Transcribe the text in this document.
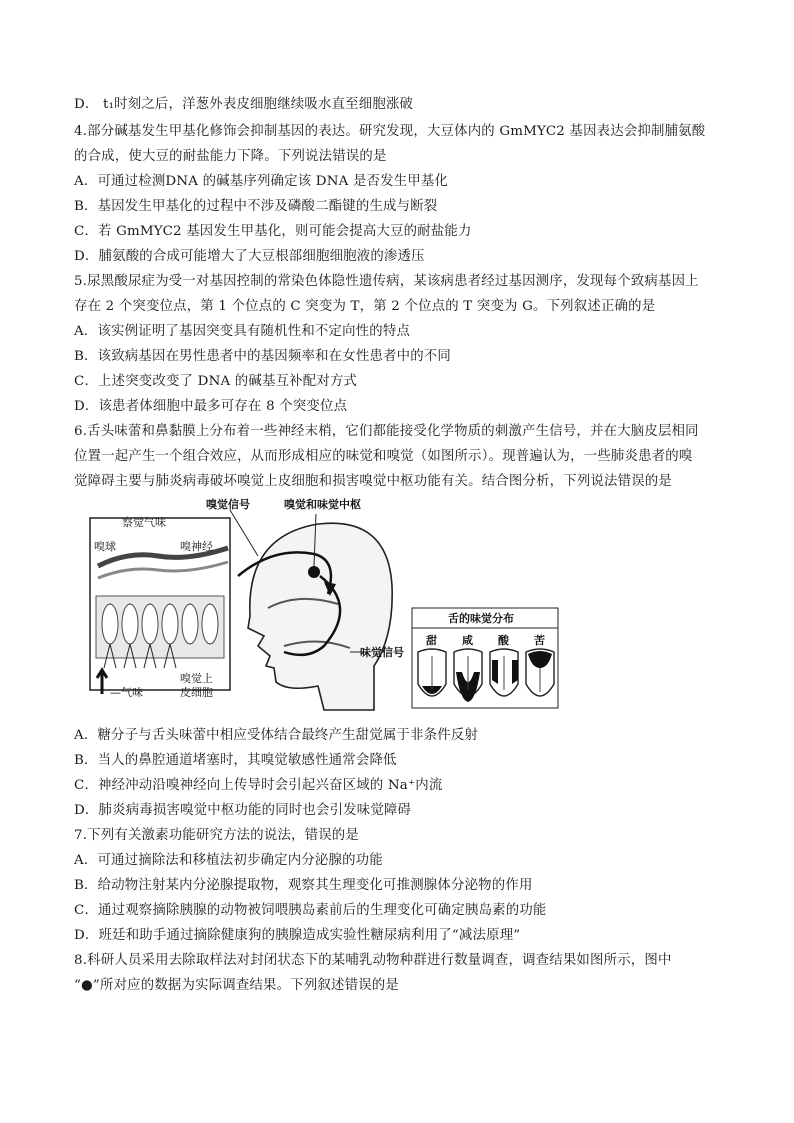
D． t₁时刻之后，洋葱外表皮细胞继续吸水直至细胞涨破
4.部分碱基发生甲基化修饰会抑制基因的表达。研究发现，大豆体内的 GmMYC2 基因表达会抑制脯氨酸
的合成，使大豆的耐盐能力下降。下列说法错误的是
A．可通过检测DNA 的碱基序列确定该 DNA 是否发生甲基化
B．基因发生甲基化的过程中不涉及磷酸二酯键的生成与断裂
C．若 GmMYC2 基因发生甲基化，则可能会提高大豆的耐盐能力
D．脯氨酸的合成可能增大了大豆根部细胞细胞液的渗透压
5.尿黑酸尿症为受一对基因控制的常染色体隐性遗传病，某该病患者经过基因测序，发现每个致病基因上
存在 2 个突变位点，第 1 个位点的 C 突变为 T，第 2 个位点的 T 突变为 G。下列叙述正确的是
A．该实例证明了基因突变具有随机性和不定向性的特点
B．该致病基因在男性患者中的基因频率和在女性患者中的不同
C．上述突变改变了 DNA 的碱基互补配对方式
D．该患者体细胞中最多可存在 8 个突变位点
6.舌头味蕾和鼻黏膜上分布着一些神经末梢，它们都能接受化学物质的刺激产生信号，并在大脑皮层相同
位置一起产生一个组合效应，从而形成相应的味觉和嗅觉（如图所示）。现普遍认为，一些肺炎患者的嗅
觉障碍主要与肺炎病毒破坏嗅觉上皮细胞和损害嗅觉中枢功能有关。结合图分析，下列说法错误的是
察觉气味
嗅球	嗅神经
—气味
嗅觉上
皮细胞
嗅觉信号	嗅觉和味觉中枢
味觉信号
舌的味觉分布
甜 咸 酸 苦
A．糖分子与舌头味蕾中相应受体结合最终产生甜觉属于非条件反射
B．当人的鼻腔通道堵塞时，其嗅觉敏感性通常会降低
C．神经冲动沿嗅神经向上传导时会引起兴奋区域的 Na⁺内流
D．肺炎病毒损害嗅觉中枢功能的同时也会引发味觉障碍
7.下列有关激素功能研究方法的说法，错误的是
A．可通过摘除法和移植法初步确定内分泌腺的功能
B．给动物注射某内分泌腺提取物，观察其生理变化可推测腺体分泌物的作用
C．通过观察摘除胰腺的动物被饲喂胰岛素前后的生理变化可确定胰岛素的功能
D．班廷和助手通过摘除健康狗的胰腺造成实验性糖尿病利用了“减法原理”
8.科研人员采用去除取样法对封闭状态下的某哺乳动物种群进行数量调查，调查结果如图所示，图中
“●”所对应的数据为实际调查结果。下列叙述错误的是
